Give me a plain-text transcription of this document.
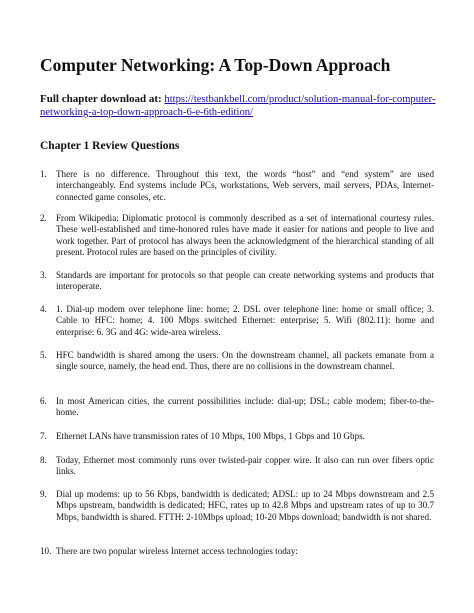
Computer Networking: A Top-Down Approach
Full chapter download at: https://testbankbell.com/product/solution-manual-for-computer-networking-a-top-down-approach-6-e-6th-edition/
Chapter 1 Review Questions
1.	There is no difference. Throughout this text, the words “host” and “end system” are used interchangeably. End systems include PCs, workstations, Web servers, mail servers, PDAs, Internet-connected game consoles, etc.
2.	From Wikipedia: Diplomatic protocol is commonly described as a set of international courtesy rules. These well-established and time-honored rules have made it easier for nations and people to live and work together. Part of protocol has always been the acknowledgment of the hierarchical standing of all present. Protocol rules are based on the principles of civility.
3.	Standards are important for protocols so that people can create networking systems and products that interoperate.
4.	1. Dial-up modem over telephone line: home; 2. DSL over telephone line: home or small office; 3. Cable to HFC: home; 4. 100 Mbps switched Ethernet: enterprise; 5. Wifi (802.11): home and enterprise: 6. 3G and 4G: wide-area wireless.
5.	HFC bandwidth is shared among the users. On the downstream channel, all packets emanate from a single source, namely, the head end. Thus, there are no collisions in the downstream channel.
6.	In most American cities, the current possibilities include: dial-up; DSL; cable modem; fiber-to-the-home.
7.	Ethernet LANs have transmission rates of 10 Mbps, 100 Mbps, 1 Gbps and 10 Gbps.
8.	Today, Ethernet most commonly runs over twisted-pair copper wire. It also can run over fibers optic links.
9.	Dial up modems: up to 56 Kbps, bandwidth is dedicated; ADSL: up to 24 Mbps downstream and 2.5 Mbps upstream, bandwidth is dedicated; HFC, rates up to 42.8 Mbps and upstream rates of up to 30.7 Mbps, bandwidth is shared. FTTH: 2-10Mbps upload; 10-20 Mbps download; bandwidth is not shared.
10. There are two popular wireless Internet access technologies today:
